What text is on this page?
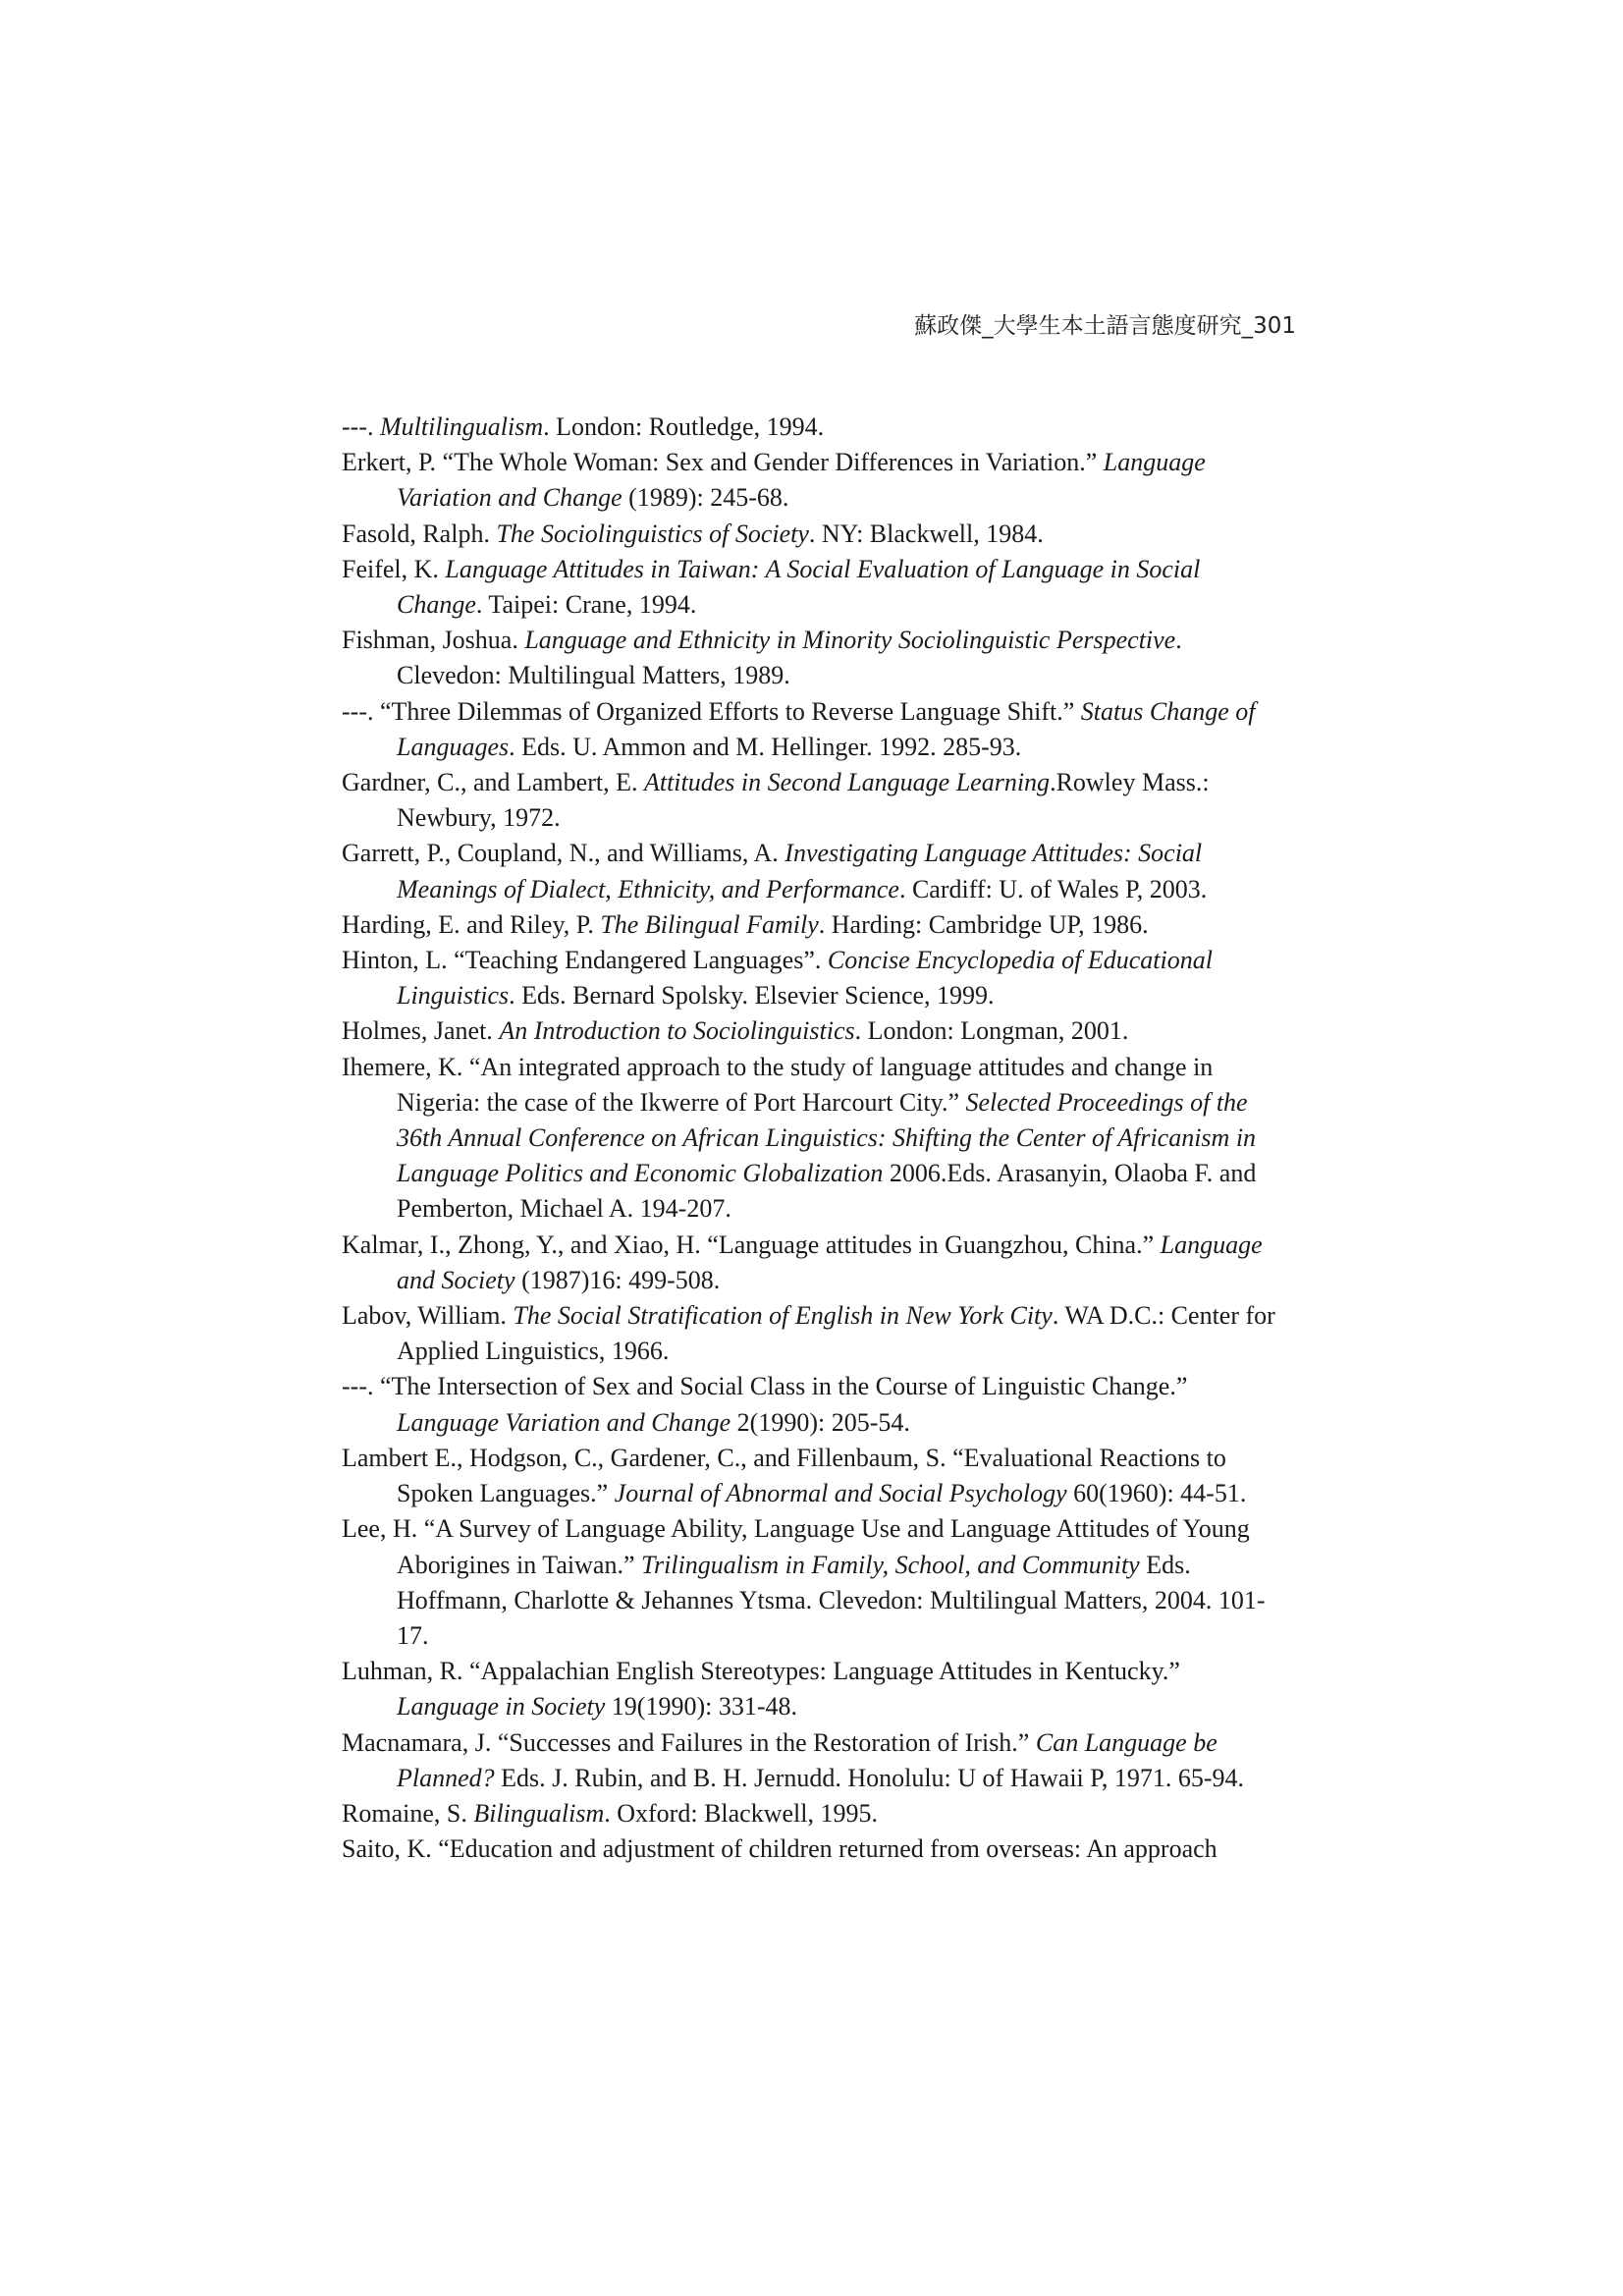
蘇政傑_大學生本土語言態度研究_301

---. Multilingualism. London: Routledge, 1994.

Erkert, P. “The Whole Woman: Sex and Gender Differences in Variation.” Language Variation and Change (1989): 245-68.

Fasold, Ralph. The Sociolinguistics of Society. NY: Blackwell, 1984.

Feifel, K. Language Attitudes in Taiwan: A Social Evaluation of Language in Social Change. Taipei: Crane, 1994.

Fishman, Joshua. Language and Ethnicity in Minority Sociolinguistic Perspective. Clevedon: Multilingual Matters, 1989.

---. “Three Dilemmas of Organized Efforts to Reverse Language Shift.” Status Change of Languages. Eds. U. Ammon and M. Hellinger. 1992. 285-93.

Gardner, C., and Lambert, E. Attitudes in Second Language Learning.Rowley Mass.: Newbury, 1972.

Garrett, P., Coupland, N., and Williams, A. Investigating Language Attitudes: Social Meanings of Dialect, Ethnicity, and Performance. Cardiff: U. of Wales P, 2003.

Harding, E. and Riley, P. The Bilingual Family. Harding: Cambridge UP, 1986.

Hinton, L. “Teaching Endangered Languages”. Concise Encyclopedia of Educational Linguistics. Eds. Bernard Spolsky. Elsevier Science, 1999.

Holmes, Janet. An Introduction to Sociolinguistics. London: Longman, 2001.

Ihemere, K. “An integrated approach to the study of language attitudes and change in Nigeria: the case of the Ikwerre of Port Harcourt City.” Selected Proceedings of the 36th Annual Conference on African Linguistics: Shifting the Center of Africanism in Language Politics and Economic Globalization 2006.Eds. Arasanyin, Olaoba F. and Pemberton, Michael A. 194-207.

Kalmar, I., Zhong, Y., and Xiao, H. “Language attitudes in Guangzhou, China.” Language and Society (1987)16: 499-508.

Labov, William. The Social Stratification of English in New York City. WA D.C.: Center for Applied Linguistics, 1966.

---. “The Intersection of Sex and Social Class in the Course of Linguistic Change.” Language Variation and Change 2(1990): 205-54.

Lambert E., Hodgson, C., Gardener, C., and Fillenbaum, S. “Evaluational Reactions to Spoken Languages.” Journal of Abnormal and Social Psychology 60(1960): 44-51.

Lee, H. “A Survey of Language Ability, Language Use and Language Attitudes of Young Aborigines in Taiwan.” Trilingualism in Family, School, and Community Eds. Hoffmann, Charlotte & Jehannes Ytsma. Clevedon: Multilingual Matters, 2004. 101-17.

Luhman, R. “Appalachian English Stereotypes: Language Attitudes in Kentucky.” Language in Society 19(1990): 331-48.

Macnamara, J. “Successes and Failures in the Restoration of Irish.” Can Language be Planned? Eds. J. Rubin, and B. H. Jernudd. Honolulu: U of Hawaii P, 1971. 65-94.

Romaine, S. Bilingualism. Oxford: Blackwell, 1995.

Saito, K. “Education and adjustment of children returned from overseas: An approach
